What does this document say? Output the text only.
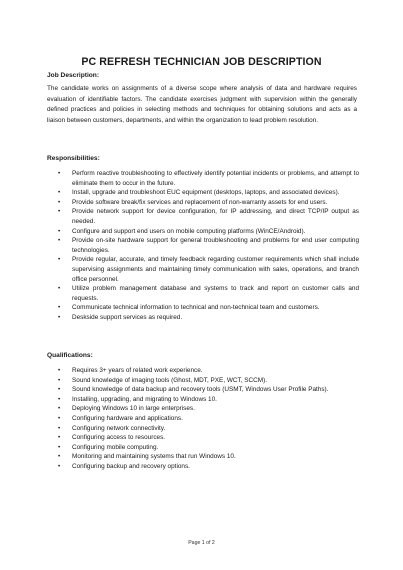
PC REFRESH TECHNICIAN JOB DESCRIPTION
Job Description:
The candidate works on assignments of a diverse scope where analysis of data and hardware requires evaluation of identifiable factors. The candidate exercises judgment with supervision within the generally defined practices and policies in selecting methods and techniques for obtaining solutions and acts as a liaison between customers, departments, and within the organization to lead problem resolution.
Responsibilities:
•	Perform reactive troubleshooting to effectively identify potential incidents or problems, and attempt to eliminate them to occur in the future.
•	Install, upgrade and troubleshoot EUC equipment (desktops, laptops, and associated devices).
•	Provide software break/fix services and replacement of non-warranty assets for end users.
•	Provide network support for device configuration, for IP addressing, and direct TCP/IP output as needed.
•	Configure and support end users on mobile computing platforms (WinCE/Android).
•	Provide on-site hardware support for general troubleshooting and problems for end user computing technologies.
•	Provide regular, accurate, and timely feedback regarding customer requirements which shall include supervising assignments and maintaining timely communication with sales, operations, and branch office personnel.
•	Utilize problem management database and systems to track and report on customer calls and requests.
•	Communicate technical information to technical and non-technical team and customers.
•	Deskside support services as required.
Qualifications:
•	Requires 3+ years of related work experience.
•	Sound knowledge of imaging tools (Ghost, MDT, PXE, WCT, SCCM).
•	Sound knowledge of data backup and recovery tools (USMT, Windows User Profile Paths).
•	Installing, upgrading, and migrating to Windows 10.
•	Deploying Windows 10 in large enterprises.
•	Configuring hardware and applications.
•	Configuring network connectivity.
•	Configuring access to resources.
•	Configuring mobile computing.
•	Monitoring and maintaining systems that run Windows 10.
•	Configuring backup and recovery options.
Page 1 of 2
